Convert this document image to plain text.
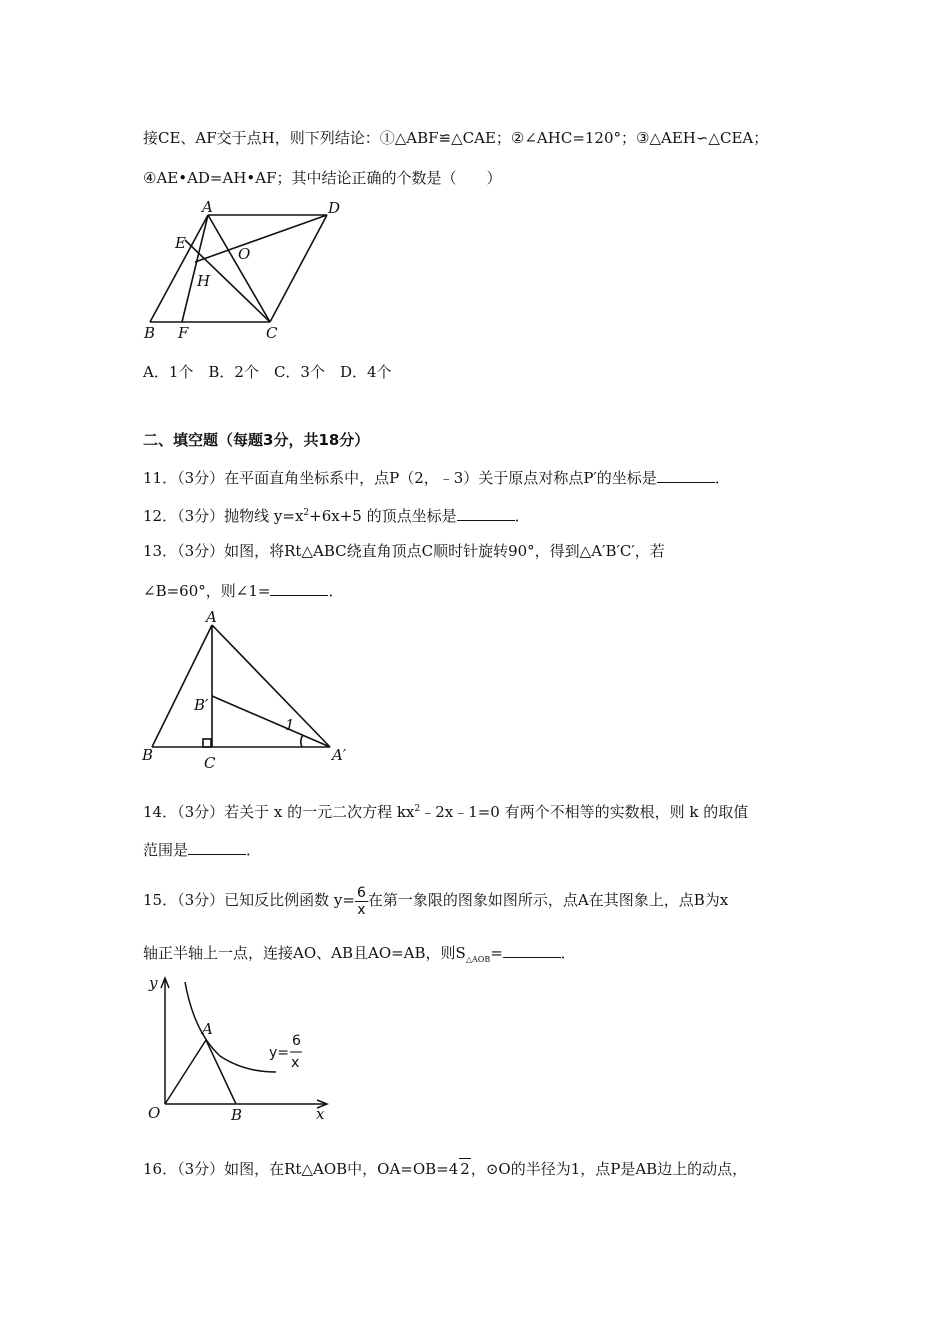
接CE、AF交于点H，则下列结论：①△ABF≌△CAE；②∠AHC=120°；③△AEH∽△CEA；
④AE•AD=AH•AF；其中结论正确的个数是（　　）
A	D
E
O
H
B F	C
A．1个　B．2个　C．3个　D．4个
二、填空题（每题3分，共18分）
11．（3分）在平面直角坐标系中，点P（2，﹣3）关于原点对称点P′的坐标是	．
12．（3分）抛物线 $y=x^2+6x+5$ 的顶点坐标是	．
13．（3分）如图，将Rt△ABC绕直角顶点C顺时针旋转90°，得到△A′B′C′，若
∠B=60°，则∠1=	．
A
B′
1
B	C	A′
14．（3分）若关于 x 的一元二次方程 $kx^2﹣2x﹣1=0$ 有两个不相等的实数根，则 k 的取值
范围是	．
15．（3分）已知反比例函数 $y= \frac{6}{x}$ 在第一象限的图象如图所示，点A在其图象上，点B为x
轴正半轴上一点，连接AO、AB且AO=AB，则$S_{\triangle AOB}=$	．
y
x
O
A
B
y=
6
x
16．（3分）如图，在Rt△AOB中，OA=OB=4 2，⊙O的半径为1，点P是AB边上的动点，
